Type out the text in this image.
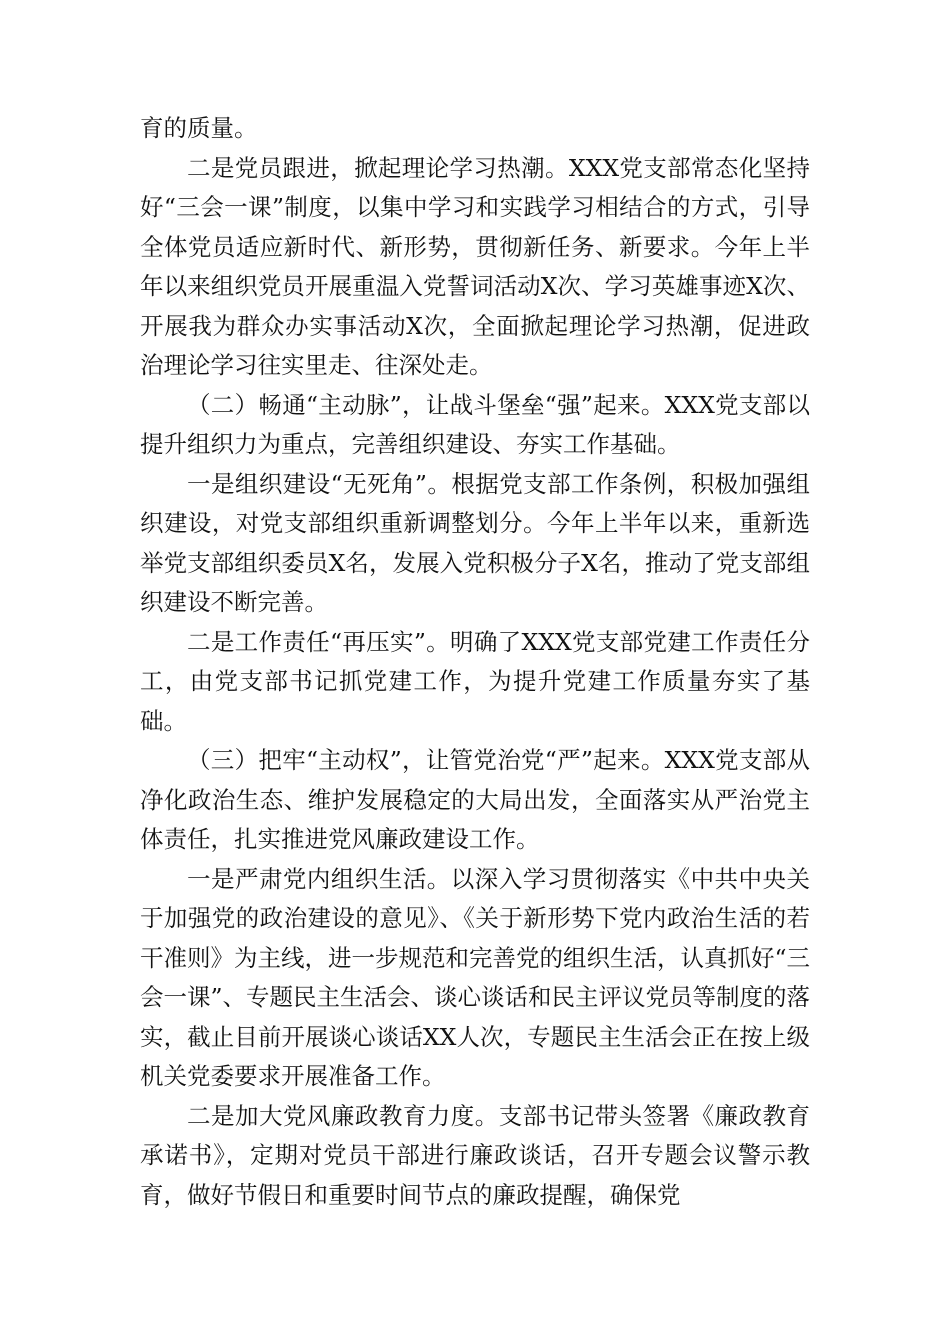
育的质量。

二是党员跟进，掀起理论学习热潮。XXX党支部常态化坚持好“三会一课”制度，以集中学习和实践学习相结合的方式，引导全体党员适应新时代、新形势，贯彻新任务、新要求。今年上半年以来组织党员开展重温入党誓词活动X次、学习英雄事迹X次、开展我为群众办实事活动X次，全面掀起理论学习热潮，促进政治理论学习往实里走、往深处走。

（二）畅通“主动脉”，让战斗堡垒“强”起来。XXX党支部以提升组织力为重点，完善组织建设、夯实工作基础。

一是组织建设“无死角”。根据党支部工作条例，积极加强组织建设，对党支部组织重新调整划分。今年上半年以来，重新选举党支部组织委员X名，发展入党积极分子X名，推动了党支部组织建设不断完善。

二是工作责任“再压实”。明确了XXX党支部党建工作责任分工，由党支部书记抓党建工作，为提升党建工作质量夯实了基础。

（三）把牢“主动权”，让管党治党“严”起来。XXX党支部从净化政治生态、维护发展稳定的大局出发，全面落实从严治党主体责任，扎实推进党风廉政建设工作。

一是严肃党内组织生活。以深入学习贯彻落实《中共中央关于加强党的政治建设的意见》、《关于新形势下党内政治生活的若干准则》为主线，进一步规范和完善党的组织生活，认真抓好“三会一课”、专题民主生活会、谈心谈话和民主评议党员等制度的落实，截止目前开展谈心谈话XX人次，专题民主生活会正在按上级机关党委要求开展准备工作。

二是加大党风廉政教育力度。支部书记带头签署《廉政教育承诺书》，定期对党员干部进行廉政谈话，召开专题会议警示教育，做好节假日和重要时间节点的廉政提醒，确保党
